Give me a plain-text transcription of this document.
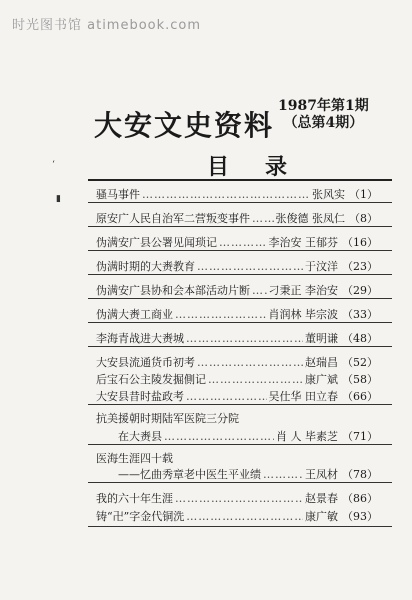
时光图书馆 atimebook.com
大安文史资料
1987年第1期
（总第4期）
目录
‘
▮	骚马事件 ……………………………………………………………………………………	张风实 （1）
原安广人民自治军二营叛变事件 …………………………………………………………………………………… 张俊德 张凤仁 （8）
伪满安广县公署见闻琐记 ……………………………………………………………………………………	李治安 王郁芬 （16）
伪满时期的大赉教育 ……………………………………………………………………………………	于汶洋 （23）
伪满安广县协和会本部活动片断 …………………………………………………………………………………… 刁秉正 李治安 （29）
伪满大赉工商业 ……………………………………………………………………………………	肖润林 毕宗波 （33）
李海青战进大赉城 ……………………………………………………………………………………	董明谦 （48）
大安县流通货币初考 ……………………………………………………………………………………	赵瑞昌 （52）
后宝石公主陵发掘側记 ……………………………………………………………………………………	康广斌 （58）
大安县昔时盐政考 ……………………………………………………………………………………	吴仕华 田立春 （66）
抗美援朝时期陆军医院三分院
在大赉县 ……………………………………………………………………………………	肖 人 毕素芝 （71）
医海生涯四十载
——忆曲秀章老中医生平业绩 ……………………………………………………………………………………	王凤材 （78）
我的六十年生涯 ……………………………………………………………………………………	赵景春 （86）
铸“卍”字金代铜洗 ……………………………………………………………………………………	康广敏 （93）
